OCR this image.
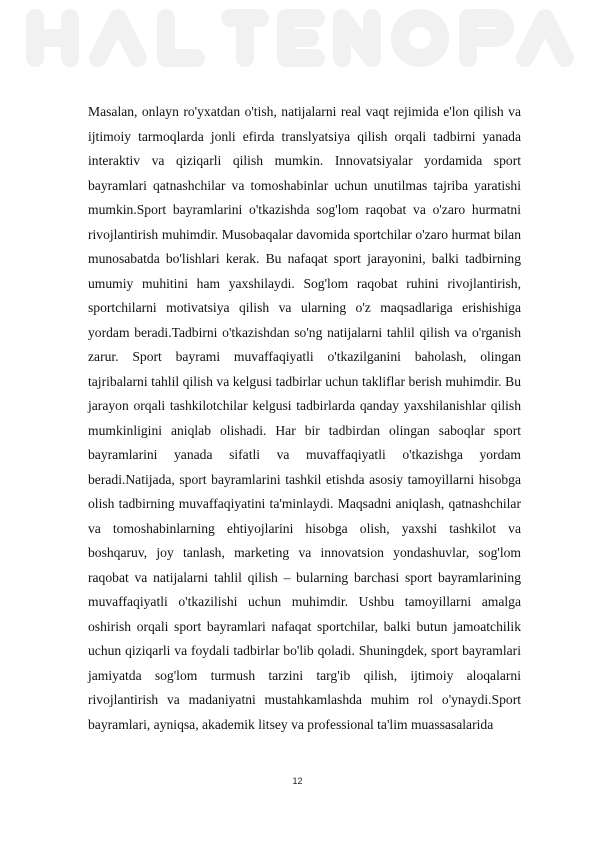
Masalan, onlayn ro'yxatdan o'tish, natijalarni real vaqt rejimida e'lon qilish va ijtimoiy tarmoqlarda jonli efirda translyatsiya qilish orqali tadbirni yanada interaktiv va qiziqarli qilish mumkin. Innovatsiyalar yordamida sport bayramlari qatnashchilar va tomoshabinlar uchun unutilmas tajriba yaratishi mumkin.Sport bayramlarini o'tkazishda sog'lom raqobat va o'zaro hurmatni rivojlantirish muhimdir. Musobaqalar davomida sportchilar o'zaro hurmat bilan munosabatda bo'lishlari kerak. Bu nafaqat sport jarayonini, balki tadbirning umumiy muhitini ham yaxshilaydi. Sog'lom raqobat ruhini rivojlantirish, sportchilarni motivatsiya qilish va ularning o'z maqsadlariga erishishiga yordam beradi.Tadbirni o'tkazishdan so'ng natijalarni tahlil qilish va o'rganish zarur. Sport bayrami muvaffaqiyatli o'tkazilganini baholash, olingan tajribalarni tahlil qilish va kelgusi tadbirlar uchun takliflar berish muhimdir. Bu jarayon orqali tashkilotchilar kelgusi tadbirlarda qanday yaxshilanishlar qilish mumkinligini aniqlab olishadi. Har bir tadbirdan olingan saboqlar sport bayramlarini yanada sifatli va muvaffaqiyatli o'tkazishga yordam beradi.Natijada, sport bayramlarini tashkil etishda asosiy tamoyillarni hisobga olish tadbirning muvaffaqiyatini ta'minlaydi. Maqsadni aniqlash, qatnashchilar va tomoshabinlarning ehtiyojlarini hisobga olish, yaxshi tashkilot va boshqaruv, joy tanlash, marketing va innovatsion yondashuvlar, sog'lom raqobat va natijalarni tahlil qilish – bularning barchasi sport bayramlarining muvaffaqiyatli o'tkazilishi uchun muhimdir. Ushbu tamoyillarni amalga oshirish orqali sport bayramlari nafaqat sportchilar, balki butun jamoatchilik uchun qiziqarli va foydali tadbirlar bo'lib qoladi. Shuningdek, sport bayramlari jamiyatda sog'lom turmush tarzini targ'ib qilish, ijtimoiy aloqalarni rivojlantirish va madaniyatni mustahkamlashda muhim rol o'ynaydi.Sport bayramlari, ayniqsa, akademik litsey va professional ta'lim muassasalarida

12
